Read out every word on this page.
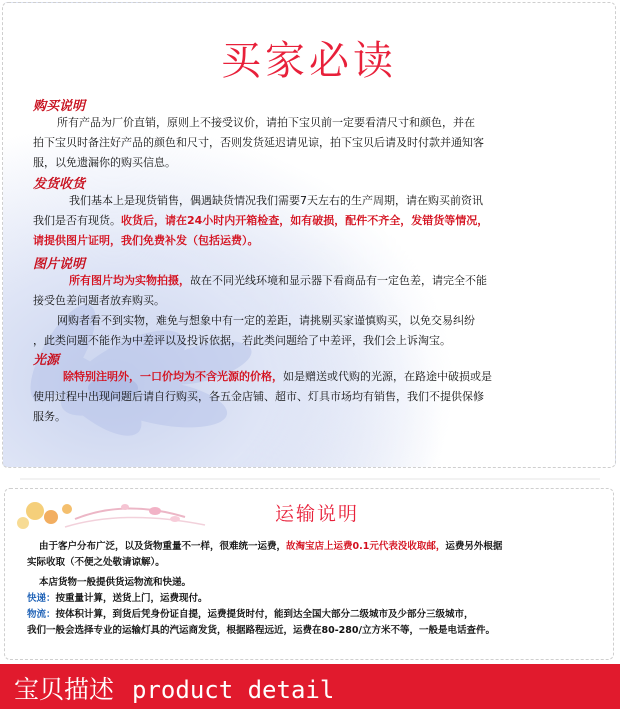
买家必读
购买说明
所有产品为厂价直销，原则上不接受议价，请拍下宝贝前一定要看清尺寸和颜色，并在
拍下宝贝时备注好产品的颜色和尺寸，否则发货延迟请见谅，拍下宝贝后请及时付款并通知客
服，以免遗漏你的购买信息。
发货收货
我们基本上是现货销售，偶遇缺货情况我们需要7天左右的生产周期，请在购买前资讯
我们是否有现货。收货后，请在24小时内开箱检查，如有破损，配件不齐全，发错货等情况，
请提供图片证明，我们免费补发（包括运费）。
图片说明
所有图片均为实物拍摄，故在不同光线环境和显示器下看商品有一定色差，请完全不能
接受色差问题者放弃购买。
网购者看不到实物，难免与想象中有一定的差距，请挑剔买家谨慎购买，以免交易纠纷
，此类问题不能作为中差评以及投诉依据，若此类问题给了中差评，我们会上诉淘宝。
光源
除特别注明外，一口价均为不含光源的价格，如是赠送或代购的光源，在路途中破损或是
使用过程中出现问题后请自行购买，各五金店铺、超市、灯具市场均有销售，我们不提供保修
服务。
运输说明
由于客户分布广泛，以及货物重量不一样，很难统一运费，故淘宝店上运费0.1元代表没收取邮，运费另外根据
实际收取（不便之处敬请谅解）。
本店货物一般提供货运物流和快递。
快递：按重量计算，送货上门，运费现付。
物流：按体积计算，到货后凭身份证自提，运费提货时付，能到达全国大部分二级城市及少部分三级城市，
我们一般会选择专业的运输灯具的汽运商发货，根据路程远近，运费在80-280/立方米不等，一般是电话查件。
宝贝描述 product detail
